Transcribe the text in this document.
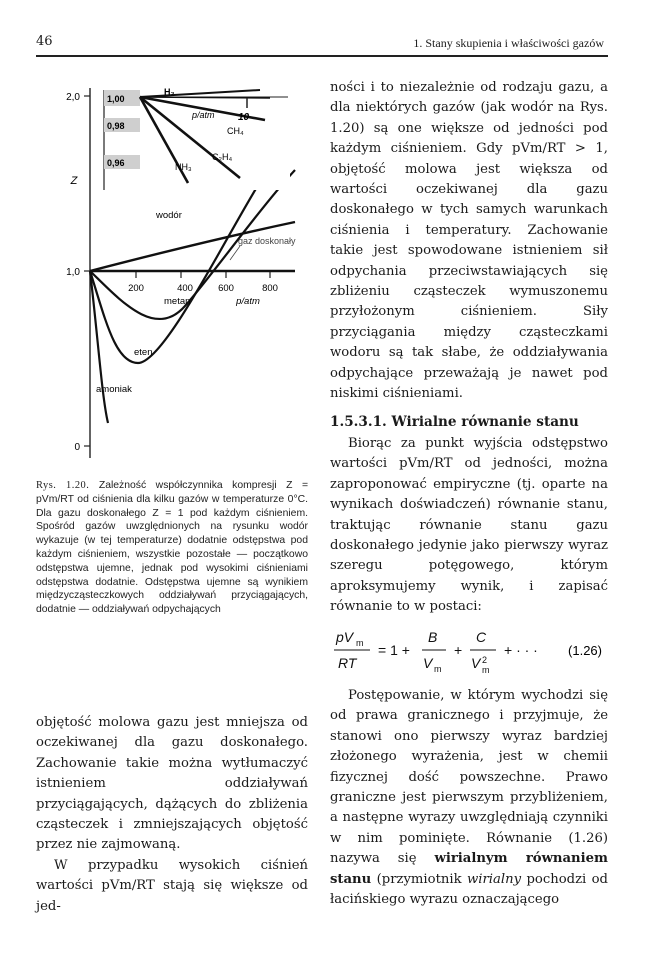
46	1. Stany skupienia i właściwości gazów
2,0
1,0
0
Z
200	400	600	800
p/atm
1,00
0,98
0,96
H₂
p/atm 10
CH₄
C₂H₄
NH₃
wodór
gaz doskonały
metan
eten
amoniak
Rys. 1.20. Zależność współczynnika kompresji Z = pVm/RT od ciśnienia dla kilku gazów w temperaturze 0°C. Dla gazu doskonałego Z = 1 pod każdym ciśnieniem. Spośród gazów uwzględnionych na rysunku wodór wykazuje (w tej temperaturze) dodatnie odstępstwa pod każdym ciśnieniem, wszystkie pozostałe — początkowo odstępstwa ujemne, jednak pod wysokimi ciśnieniami odstępstwa dodatnie. Odstępstwa ujemne są wynikiem międzycząsteczkowych oddziaływań przyciągających, dodatnie — oddziaływań odpychających

objętość molowa gazu jest mniejsza od oczekiwanej dla gazu doskonałego. Zachowanie takie można wytłumaczyć istnieniem oddziaływań przyciągających, dążących do zbliżenia cząsteczek i zmniejszających objętość przez nie zajmowaną.

W przypadku wysokich ciśnień wartości pVm/RT stają się większe od jed-

ności i to niezależnie od rodzaju gazu, a dla niektórych gazów (jak wodór na Rys. 1.20) są one większe od jedności pod każdym ciśnieniem. Gdy pVm/RT > 1, objętość molowa jest większa od wartości oczekiwanej dla gazu doskonałego w tych samych warunkach ciśnienia i temperatury. Zachowanie takie jest spowodowane istnieniem sił odpychania przeciwstawiających się zbliżeniu cząsteczek wymuszonemu przyłożonym ciśnieniem. Siły przyciągania między cząsteczkami wodoru są tak słabe, że oddziaływania odpychające przeważają je nawet pod niskimi ciśnieniami.

1.5.3.1. Wirialne równanie stanu

Biorąc za punkt wyjścia odstępstwo wartości pVm/RT od jedności, można zaproponować empiryczne (tj. oparte na wynikach doświadczeń) równanie stanu, traktując równanie stanu gazu doskonałego jedynie jako pierwszy wyraz szeregu potęgowego, którym aproksymujemy wynik, i zapisać równanie to w postaci:

pV m
RT
= 1 +
B
V m
+
C
V 2
m
+ · · · (1.26)

Postępowanie, w którym wychodzi się od prawa granicznego i przyjmuje, że stanowi ono pierwszy wyraz bardziej złożonego wyrażenia, jest w chemii fizycznej dość powszechne. Prawo graniczne jest pierwszym przybliżeniem, a następne wyrazy uwzględniają czynniki w nim pominięte. Równanie (1.26) nazywa się wirialnym równaniem stanu (przymiotnik wirialny pochodzi od łacińskiego wyrazu oznaczającego
